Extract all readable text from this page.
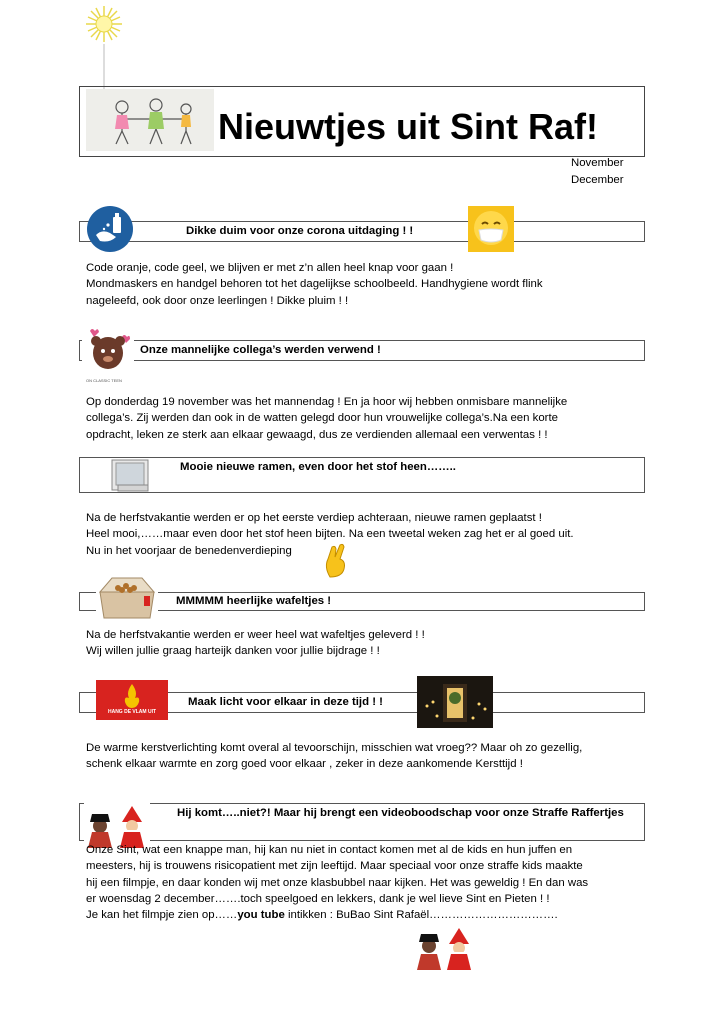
Nieuwtjes uit Sint Raf!
November
December
Dikke duim voor onze corona uitdaging ! !
Code oranje, code geel, we blijven er met z’n allen heel knap voor gaan !
Mondmaskers en handgel behoren tot het dagelijkse schoolbeeld. Handhygiene wordt flink
nageleefd, ook door onze leerlingen ! Dikke pluim ! !
ON CLASSIC TEEN
Onze mannelijke collega’s werden verwend !
Op donderdag 19 november was het mannendag ! En ja hoor wij hebben onmisbare mannelijke
collega’s. Zij werden dan ook in de watten gelegd door hun vrouwelijke collega’s.Na een korte
opdracht, leken ze sterk aan elkaar gewaagd, dus ze verdienden allemaal een verwentas ! !
Mooie nieuwe ramen, even door het stof heen……..
Na de herfstvakantie werden er op het eerste verdiep achteraan, nieuwe ramen geplaatst !
Heel mooi,……maar even door het stof heen bijten. Na een tweetal weken zag het er al goed uit.
Nu in het voorjaar de benedenverdieping
MMMMM heerlijke wafeltjes !
Na de herfstvakantie werden er weer heel wat wafeltjes geleverd ! !
Wij willen jullie graag harteijk danken voor jullie bijdrage ! !
HANG DE VLAM UIT
Maak licht voor elkaar in deze tijd ! !
De warme kerstverlichting komt overal al tevoorschijn, misschien wat vroeg?? Maar oh zo gezellig,
schenk elkaar warmte en zorg goed voor elkaar , zeker in deze aankomende Kersttijd !
Hij komt…..niet?! Maar hij brengt een videoboodschap voor onze Straffe Raffertjes
Onze Sint, wat een knappe man, hij kan nu niet in contact komen met al de kids en hun juffen en
meesters, hij is trouwens risicopatient met zijn leeftijd. Maar speciaal voor onze straffe kids maakte
hij een filmpje, en daar konden wij met onze klasbubbel naar kijken. Het was geweldig ! En dan was
er woensdag 2 december…….toch speelgoed en lekkers, dank je wel lieve Sint en Pieten ! !
Je kan het filmpje zien op……you tube intikken : BuBao Sint Rafaël…………………………….
